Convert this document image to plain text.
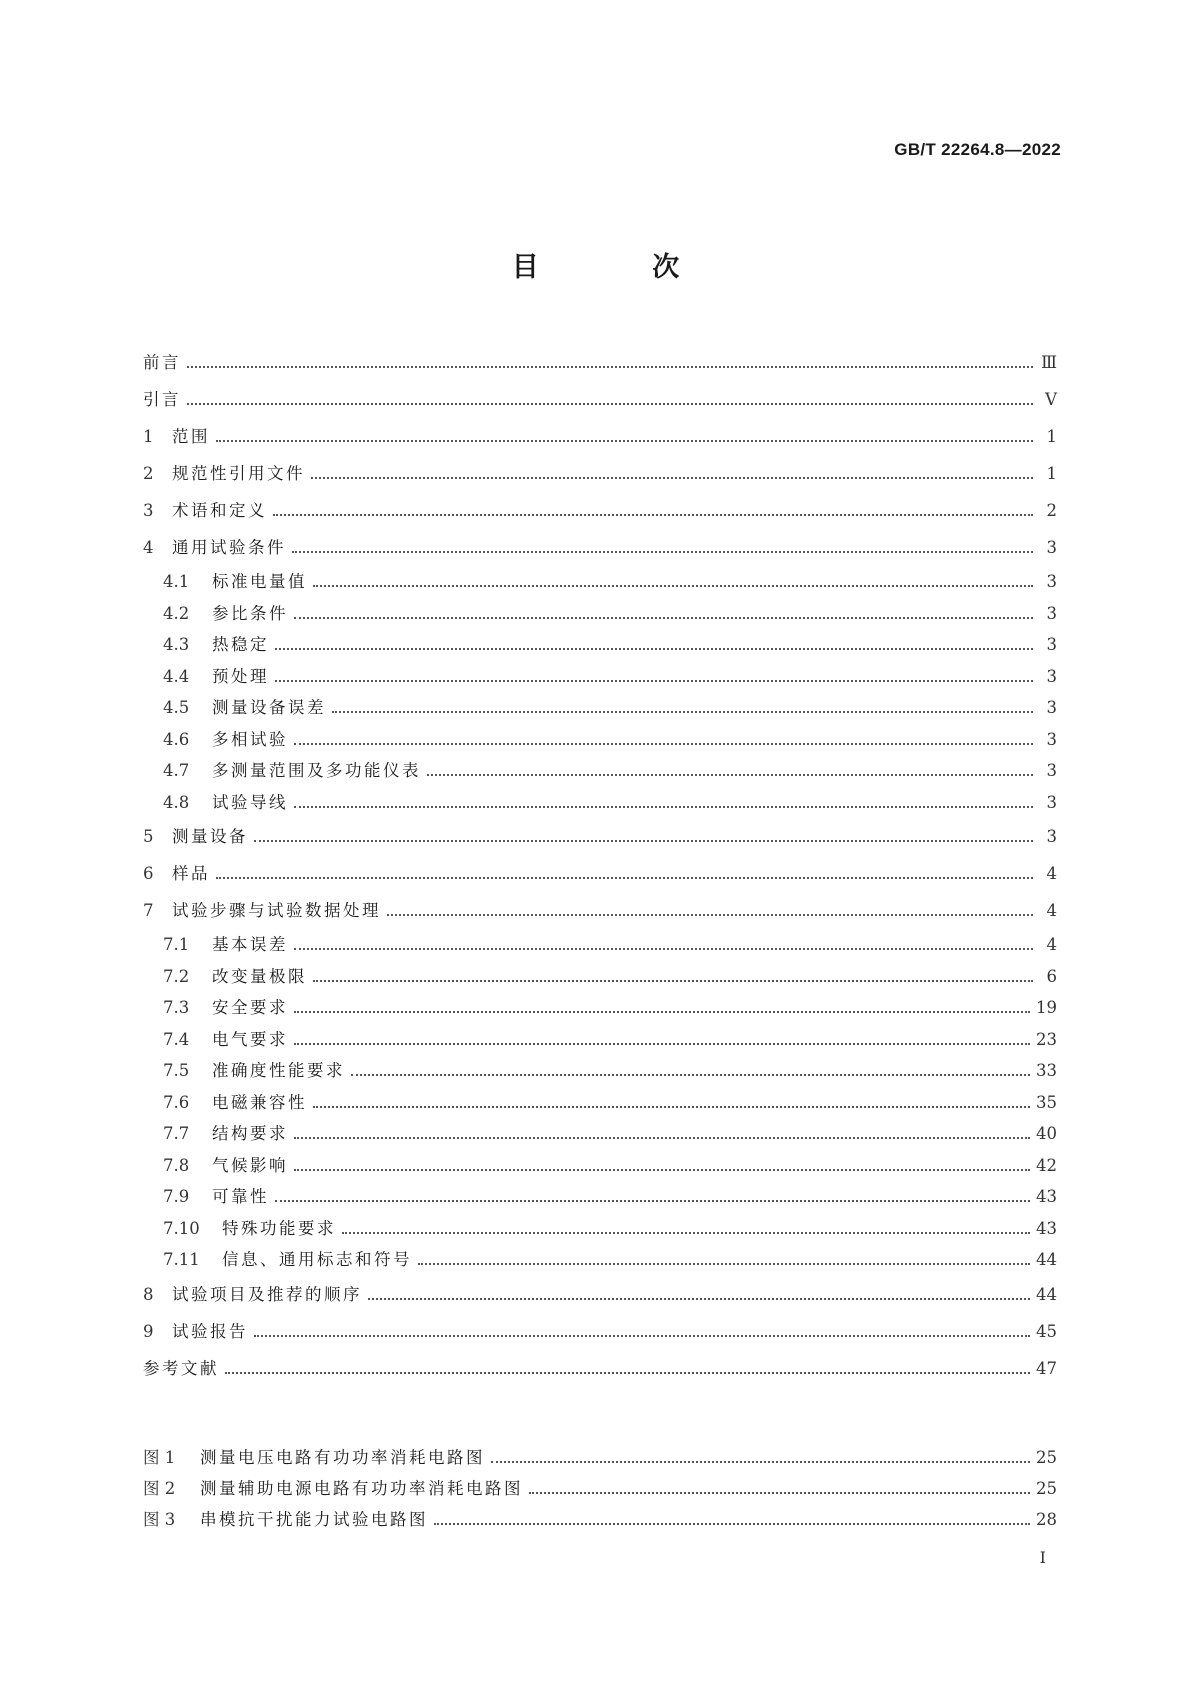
GB/T 22264.8—2022
目 次
前言	Ⅲ
引言	Ⅴ
1	范围	1
2	规范性引用文件	1
3	术语和定义	2
4	通用试验条件	3
4.1	标准电量值	3
4.2	参比条件	3
4.3	热稳定	3
4.4	预处理	3
4.5	测量设备误差	3
4.6	多相试验	3
4.7	多测量范围及多功能仪表	3
4.8	试验导线	3
5	测量设备	3
6	样品	4
7	试验步骤与试验数据处理	4
7.1	基本误差	4
7.2	改变量极限	6
7.3	安全要求	19
7.4	电气要求	23
7.5	准确度性能要求	33
7.6	电磁兼容性	35
7.7	结构要求	40
7.8	气候影响	42
7.9	可靠性	43
7.10	特殊功能要求	43
7.11	信息、通用标志和符号	44
8	试验项目及推荐的顺序	44
9	试验报告	45
参考文献	47
图 1	测量电压电路有功功率消耗电路图	25
图 2	测量辅助电源电路有功功率消耗电路图	25
图 3	串模抗干扰能力试验电路图	28
Ⅰ
